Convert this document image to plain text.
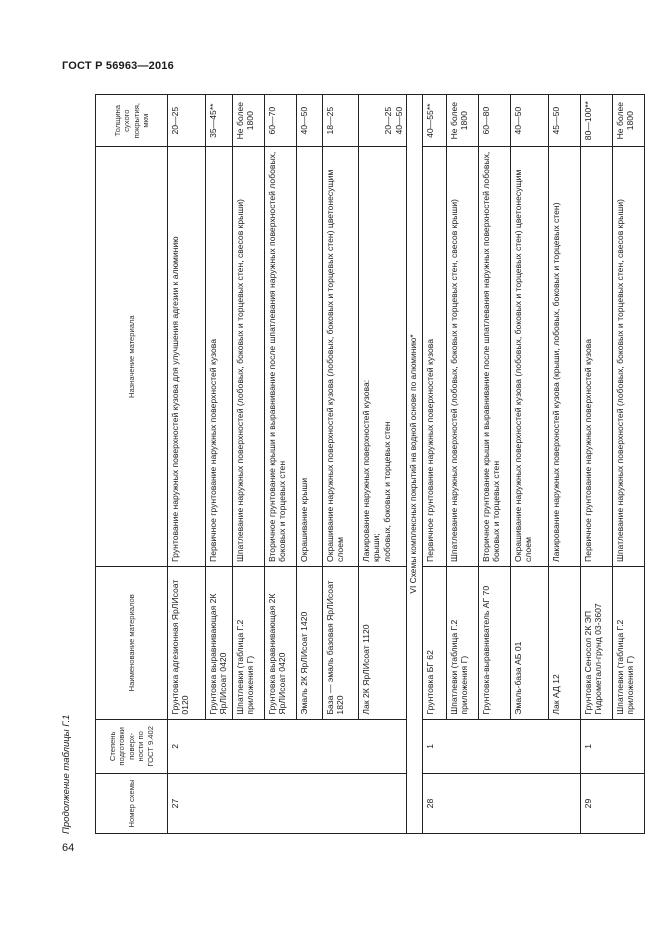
ГОСТ Р 56963—2016
64
Продолжение таблицы Г.1	Номер схемы	Степень подготовки поверх- ности по ГОСТ 9.402	Наименование материалов	Назначение материала	Толщина сухого покрытия, мкм
27	2	Грунтовка адгезионная ЯрЛИсоат 0120	Грунтование наружных поверхностей кузова для улучшения адгезии к алюминию	20—25
		Грунтовка выравнивающая 2К ЯрЛИсоат 0420	Первичное грунтование наружных поверхностей кузова	35—45**
		Шпатлевки (таблица Г.2 приложения Г)	Шпатлевание наружных поверхностей (лобовых, боковых и торцевых стен, свесов крыши)	Не более 1800
		Грунтовка выравнивающая 2К ЯрЛИсоат 0420	Вторичное грунтование крыши и выравнивание после шпатлевания наружных поверхностей лобовых, боковых и торцевых стен	60—70
		Эмаль 2К ЯрЛИсоат 1420	Окрашивание крыши	40—50
		База — эмаль базовая ЯрЛИсоат 1820	Окрашивание наружных поверхностей кузова (лобовых, боковых и торцевых стен) цветонесущим слоем	18—25
		Лак 2К ЯрЛИсоат 1120	Лакирование наружных поверхностей кузова: крыши; лобовых, боковых и торцевых стен	20—25 40—50

VI Схемы комплексных покрытий на водной основе по алюминию*				
28	1	Грунтовка БГ 62	Первичное грунтование наружных поверхностей кузова	40—55**
		Шпатлевки (таблица Г.2 приложения Г)	Шпатлевание наружных поверхностей (лобовых, боковых и торцевых стен, свесов крыши)	Не более 1800
		Грунтовка-выравниватель АГ 70	Вторичное грунтование крыши и выравнивание после шпатлевания наружных поверхностей лобовых, боковых и торцевых стен	60—80
		Эмаль-база АБ 01	Окрашивание наружных поверхностей кузова (лобовых, боковых и торцевых стен) цветонесущим слоем	40—50
		Лак АД 12	Лакирование наружных поверхностей кузова (крыши, лобовых, боковых и торцевых стен)	45—50
29	1	Грунтовка Сеносол 2К ЭП Гидрометалл-грунд 03-3607	Первичное грунтование наружных поверхностей кузова	80—100**
		Шпатлевки (таблица Г.2 приложения Г)	Шпатлевание наружных поверхностей (лобовых, боковых и торцевых стен, свесов крыши)	Не более 1800
